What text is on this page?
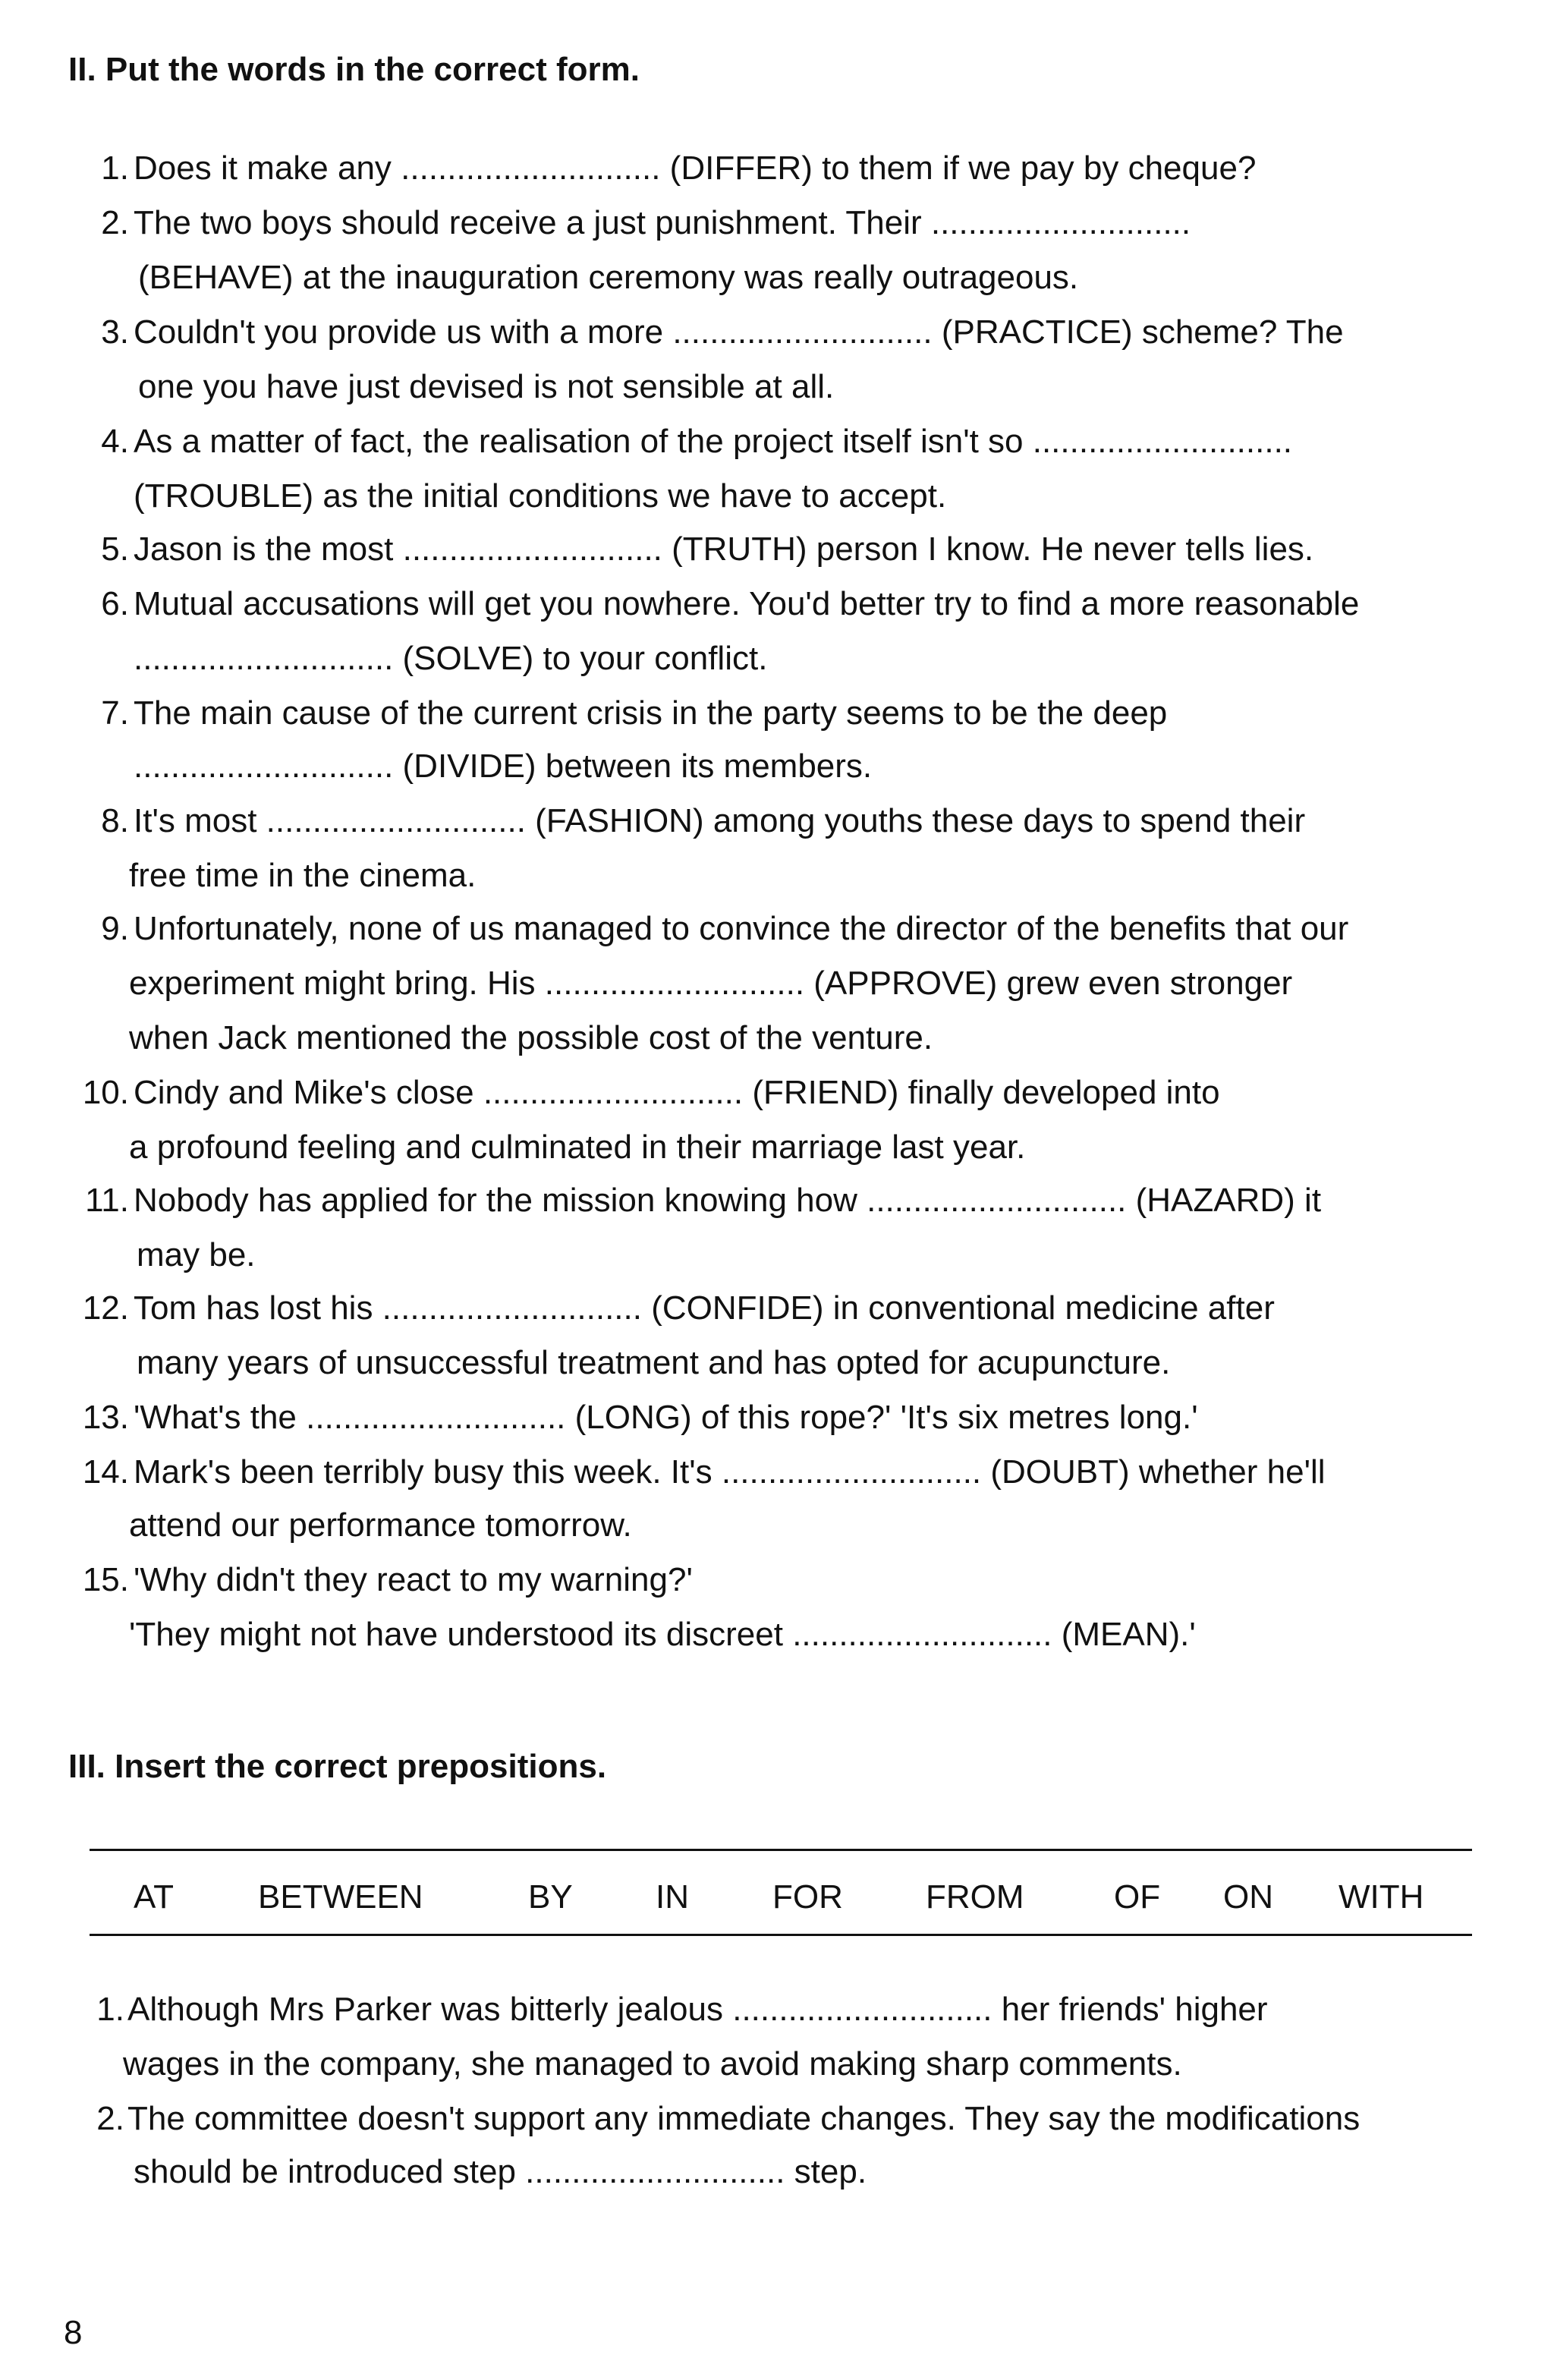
II. Put the words in the correct form.
1. Does it make any ............................ (DIFFER) to them if we pay by cheque?
2. The two boys should receive a just punishment. Their ............................
(BEHAVE) at the inauguration ceremony was really outrageous.
3. Couldn't you provide us with a more ............................ (PRACTICE) scheme? The
one you have just devised is not sensible at all.
4. As a matter of fact, the realisation of the project itself isn't so ............................
(TROUBLE) as the initial conditions we have to accept.
5. Jason is the most ............................ (TRUTH) person I know. He never tells lies.
6. Mutual accusations will get you nowhere. You'd better try to find a more reasonable
............................ (SOLVE) to your conflict.
7. The main cause of the current crisis in the party seems to be the deep
............................ (DIVIDE) between its members.
8. It's most ............................ (FASHION) among youths these days to spend their
free time in the cinema.
9. Unfortunately, none of us managed to convince the director of the benefits that our
experiment might bring. His ............................ (APPROVE) grew even stronger
when Jack mentioned the possible cost of the venture.
10. Cindy and Mike's close ............................ (FRIEND) finally developed into
a profound feeling and culminated in their marriage last year.
11. Nobody has applied for the mission knowing how ............................ (HAZARD) it
may be.
12. Tom has lost his ............................ (CONFIDE) in conventional medicine after
many years of unsuccessful treatment and has opted for acupuncture.
13. 'What's the ............................ (LONG) of this rope?' 'It's six metres long.'
14. Mark's been terribly busy this week. It's ............................ (DOUBT) whether he'll
attend our performance tomorrow.
15. 'Why didn't they react to my warning?'
'They might not have understood its discreet ............................ (MEAN).'
III. Insert the correct prepositions.
AT	BETWEEN	BY IN	FOR FROM	OF ON WITH
1. Although Mrs Parker was bitterly jealous ............................ her friends' higher
wages in the company, she managed to avoid making sharp comments.
2. The committee doesn't support any immediate changes. They say the modifications
should be introduced step ............................ step.
8
